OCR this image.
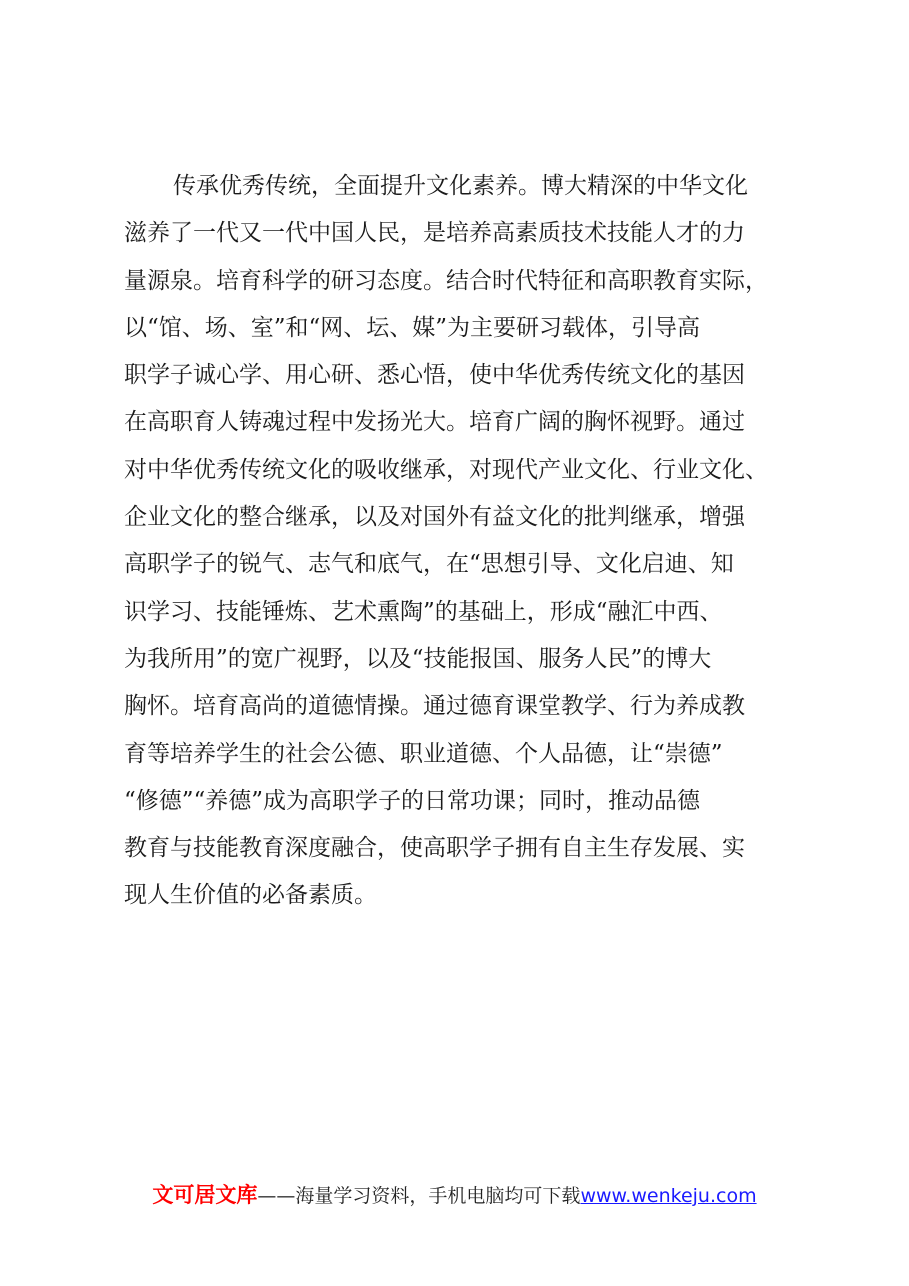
传承优秀传统，全面提升文化素养。博大精深的中华文化
滋养了一代又一代中国人民，是培养高素质技术技能人才的力
量源泉。培育科学的研习态度。结合时代特征和高职教育实际，
以“馆、场、室”和“网、坛、媒”为主要研习载体，引导高
职学子诚心学、用心研、悉心悟，使中华优秀传统文化的基因
在高职育人铸魂过程中发扬光大。培育广阔的胸怀视野。通过
对中华优秀传统文化的吸收继承，对现代产业文化、行业文化、
企业文化的整合继承，以及对国外有益文化的批判继承，增强
高职学子的锐气、志气和底气，在“思想引导、文化启迪、知
识学习、技能锤炼、艺术熏陶”的基础上，形成“融汇中西、
为我所用”的宽广视野，以及“技能报国、服务人民”的博大
胸怀。培育高尚的道德情操。通过德育课堂教学、行为养成教
育等培养学生的社会公德、职业道德、个人品德，让“崇德”
“修德”“养德”成为高职学子的日常功课；同时，推动品德
教育与技能教育深度融合，使高职学子拥有自主生存发展、实
现人生价值的必备素质。
文可居文库——海量学习资料，手机电脑均可下载www.wenkeju.com
